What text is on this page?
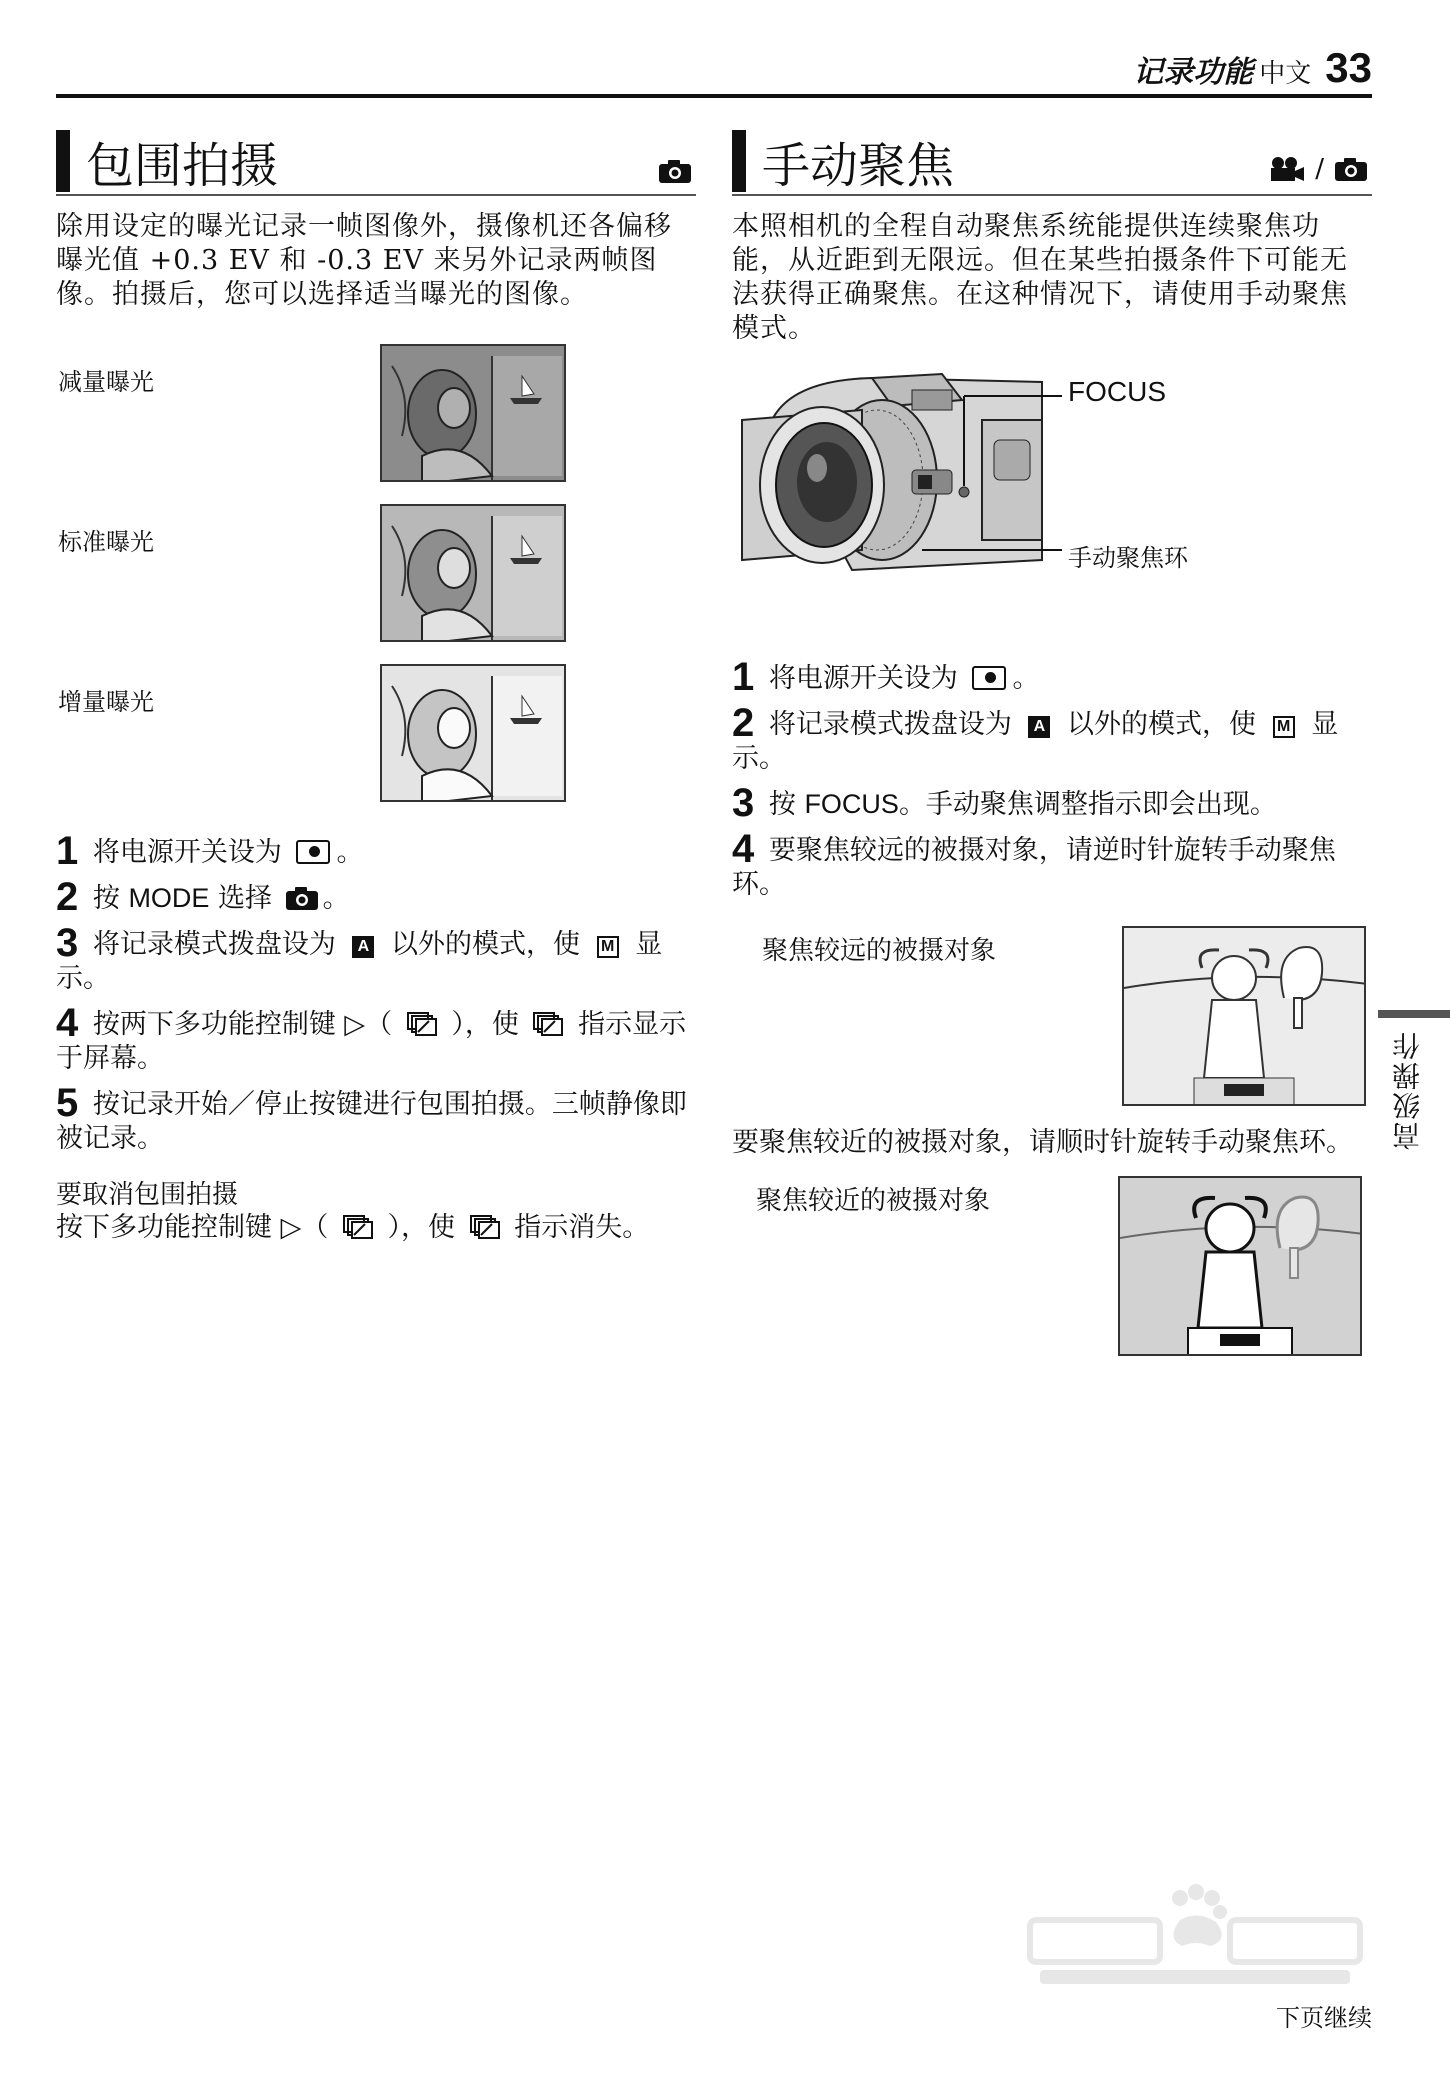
记录功能 中文 33
包围拍摄

除用设定的曝光记录一帧图像外，摄像机还各偏移曝光值 +0.3 EV 和 -0.3 EV 来另外记录两帧图像。拍摄后，您可以选择适当曝光的图像。

减量曝光
标准曝光
增量曝光
1 将电源开关设为 。
2 按 MODE 选择 。
3 将记录模式拨盘设为 A 以外的模式，使 M 显示。
4 按两下多功能控制键 ▷（ ），使 指示显示于屏幕。
5 按记录开始／停止按键进行包围拍摄。三帧静像即被记录。
要取消包围拍摄
按下多功能控制键 ▷（ ），使 指示消失。
手动聚焦	/

本照相机的全程自动聚焦系统能提供连续聚焦功能，从近距到无限远。但在某些拍摄条件下可能无法获得正确聚焦。在这种情况下，请使用手动聚焦模式。

FOCUS
手动聚焦环
1 将电源开关设为 。
2 将记录模式拨盘设为 A 以外的模式，使 M 显示。
3 按 FOCUS。手动聚焦调整指示即会出现。
4 要聚焦较远的被摄对象，请逆时针旋转手动聚焦环。
聚焦较远的被摄对象

要聚焦较近的被摄对象，请顺时针旋转手动聚焦环。

聚焦较近的被摄对象
高级操作
下页继续
